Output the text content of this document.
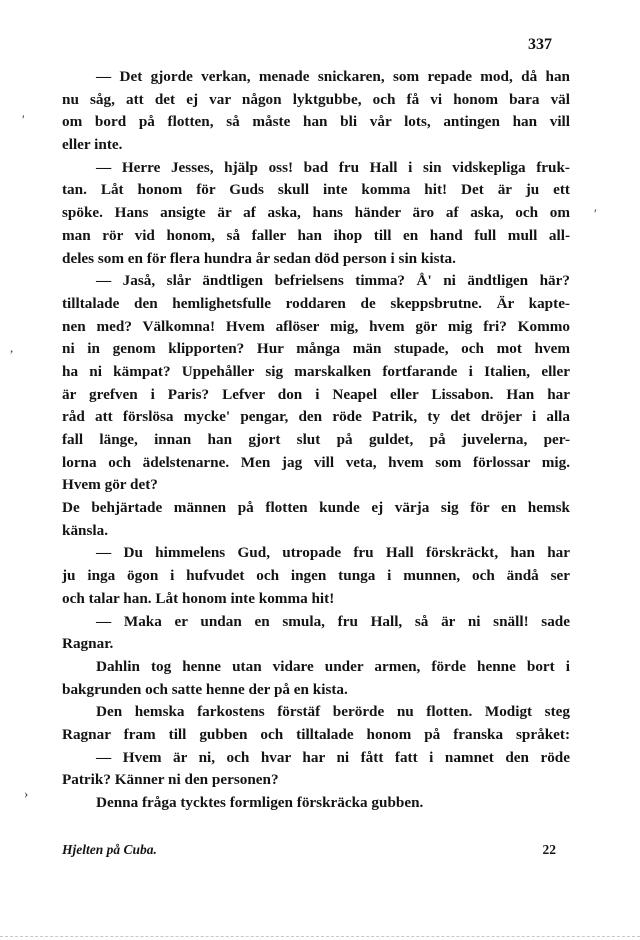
337
— Det gjorde verkan, menade snickaren, som repade mod, då han
nu såg, att det ej var någon lyktgubbe, och få vi honom bara väl
om bord på flotten, så måste han bli vår lots, antingen han vill
eller inte.
— Herre Jesses, hjälp oss! bad fru Hall i sin vidskepliga fruk-
tan. Låt honom för Guds skull inte komma hit! Det är ju ett
spöke. Hans ansigte är af aska, hans händer äro af aska, och om
man rör vid honom, så faller han ihop till en hand full mull all-
deles som en för flera hundra år sedan död person i sin kista.
— Jaså, slår ändtligen befrielsens timma? Å' ni ändtligen här?
tilltalade den hemlighetsfulle roddaren de skeppsbrutne. Är kapte-
nen med? Välkomna! Hvem aflöser mig, hvem gör mig fri? Kommo
ni in genom klipporten? Hur många män stupade, och mot hvem
ha ni kämpat? Uppehåller sig marskalken fortfarande i Italien, eller
är grefven i Paris? Lefver don i Neapel eller Lissabon. Han har
råd att förslösa mycke' pengar, den röde Patrik, ty det dröjer i alla
fall länge, innan han gjort slut på guldet, på juvelerna, per-
lorna och ädelstenarne. Men jag vill veta, hvem som förlossar mig.
Hvem gör det?
De behjärtade männen på flotten kunde ej värja sig för en hemsk
känsla.
— Du himmelens Gud, utropade fru Hall förskräckt, han har
ju inga ögon i hufvudet och ingen tunga i munnen, och ändå ser
och talar han. Låt honom inte komma hit!
— Maka er undan en smula, fru Hall, så är ni snäll! sade
Ragnar.
Dahlin tog henne utan vidare under armen, förde henne bort i
bakgrunden och satte henne der på en kista.
Den hemska farkostens förstäf berörde nu flotten. Modigt steg
Ragnar fram till gubben och tilltalade honom på franska språket:
— Hvem är ni, och hvar har ni fått fatt i namnet den röde
Patrik? Känner ni den personen?
Denna fråga tycktes formligen förskräcka gubben.
Hjelten på Cuba.	22
′
′
,
›
